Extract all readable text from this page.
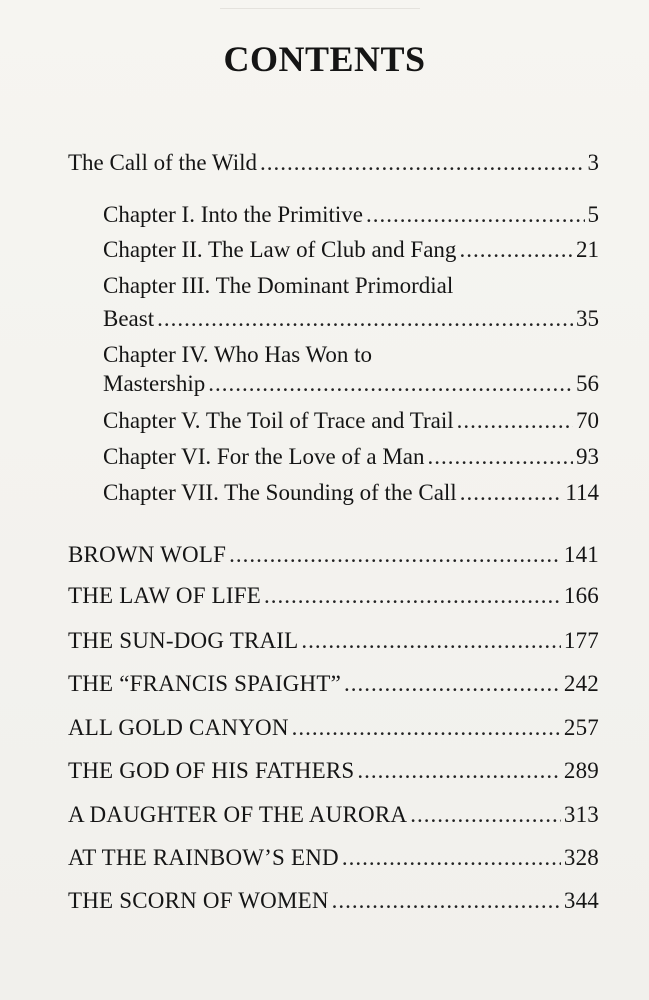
CONTENTS
The Call of the Wild .....	3
Chapter I. Into the Primitive .....	5
Chapter II. The Law of Club and Fang .....	21
Chapter III. The Dominant Primordial
Beast .....	35
Chapter IV. Who Has Won to
Mastership .....	56
Chapter V. The Toil of Trace and Trail .....	70
Chapter VI. For the Love of a Man .....	93
Chapter VII. The Sounding of the Call .....	114
BROWN WOLF .....	141
THE LAW OF LIFE .....	166
THE SUN-DOG TRAIL .....	177
THE “FRANCIS SPAIGHT” .....	242
ALL GOLD CANYON .....	257
THE GOD OF HIS FATHERS .....	289
A DAUGHTER OF THE AURORA .....	313
AT THE RAINBOW’S END .....	328
THE SCORN OF WOMEN .....	344
